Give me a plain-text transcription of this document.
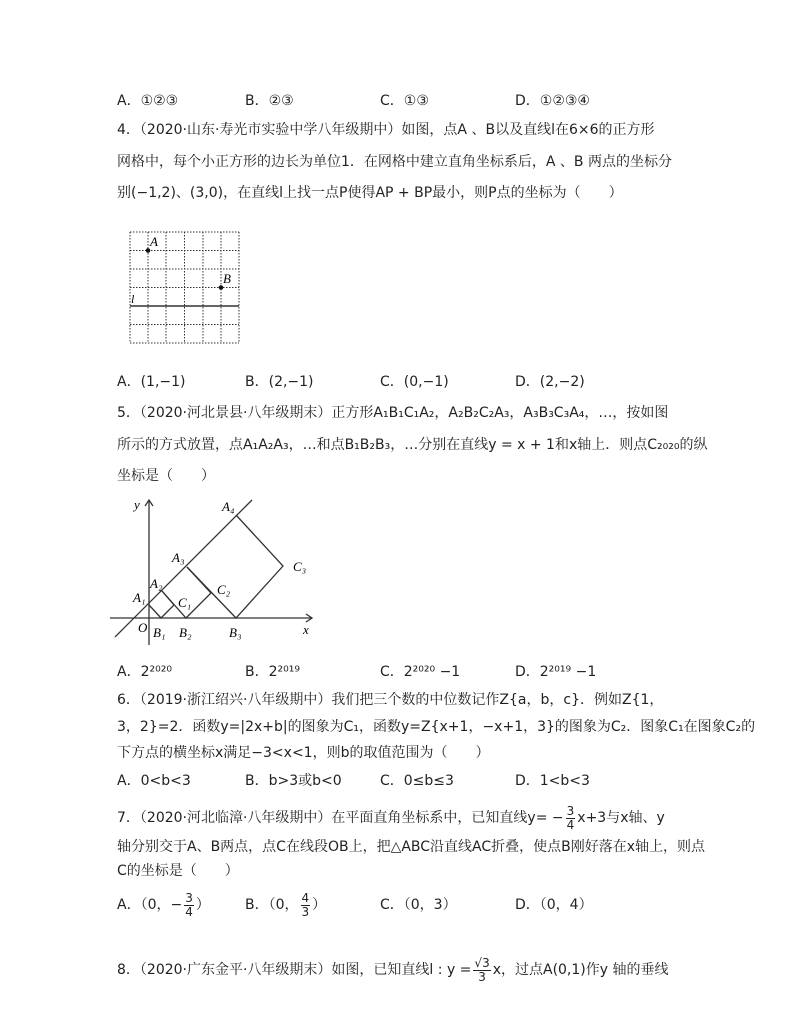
A．①②③	B．②③	C．①③	D．①②③④
4．（2020·山东·寿光市实验中学八年级期中）如图，点A 、B以及直线l在6×6的正方形
网格中，每个小正方形的边长为单位1．在网格中建立直角坐标系后，A 、B 两点的坐标分
别(−1,2)、(3,0)，在直线l上找一点P使得AP + BP最小，则P点的坐标为（　　）
A
B
l
A．(1,−1)	B．(2,−1)	C．(0,−1)	D．(2,−2)
5．（2020·河北景县·八年级期末）正方形A₁B₁C₁A₂，A₂B₂C₂A₃，A₃B₃C₃A₄，…，按如图
所示的方式放置，点A₁A₂A₃，…和点B₁B₂B₃，…分别在直线y = x + 1和x轴上．则点C₂₀₂₀的纵
坐标是（　　）
y
x
O
A₁
A₂
A₃
A₄
B₁ B₂	B₃
C₁
C₂
C₃
A．2²⁰²⁰	B．2²⁰¹⁹	C．2²⁰²⁰ −1	D．2²⁰¹⁹ −1
6．（2019·浙江绍兴·八年级期中）我们把三个数的中位数记作Z{a，b，c}．例如Z{1，
3，2}=2．函数y=|2x+b|的图象为C₁，函数y=Z{x+1，−x+1，3}的图象为C₂．图象C₁在图象C₂的
下方点的横坐标x满足−3<x<1，则b的取值范围为（　　）
A．0<b<3	B．b>3或b<0	C．0≤b≤3	D．1<b<3
7．（2020·河北临漳·八年级期中）在平面直角坐标系中，已知直线$y= - \frac{3}{4} x+3$与x轴、y
轴分别交于A、B两点，点C在线段OB上，把△ABC沿直线AC折叠，使点B刚好落在x轴上，则点
C的坐标是（　　）
A．（0，− $\frac{3}{4}$ ）	B．（0， $\frac{4}{3}$ ）	C．（0，3）	D．（0，4）
8．（2020·广东金平·八年级期末）如图，已知直线l : $y = \frac{√3}{3}$ x，过点A(0,1)作y 轴的垂线
